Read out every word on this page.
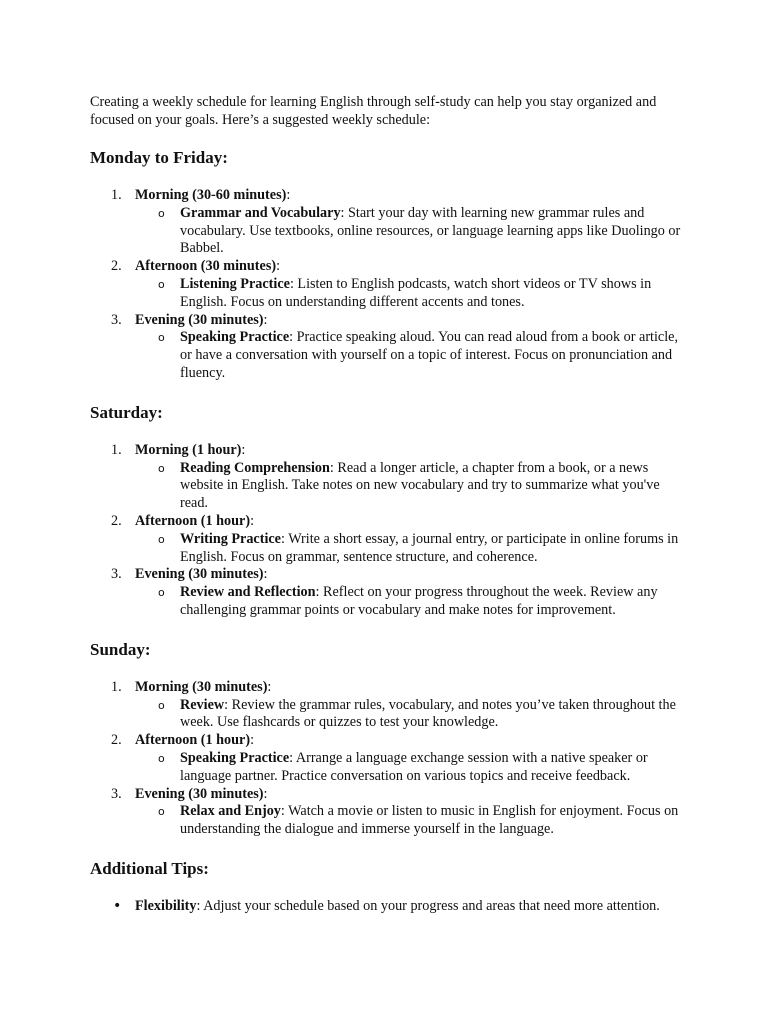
Creating a weekly schedule for learning English through self-study can help you stay organized and focused on your goals. Here’s a suggested weekly schedule:

Monday to Friday:
1. Morning (30-60 minutes):
o Grammar and Vocabulary: Start your day with learning new grammar rules and vocabulary. Use textbooks, online resources, or language learning apps like Duolingo or Babbel.
2. Afternoon (30 minutes):
o Listening Practice: Listen to English podcasts, watch short videos or TV shows in English. Focus on understanding different accents and tones.
3. Evening (30 minutes):
o Speaking Practice: Practice speaking aloud. You can read aloud from a book or article, or have a conversation with yourself on a topic of interest. Focus on pronunciation and fluency.
Saturday:
1. Morning (1 hour):
o Reading Comprehension: Read a longer article, a chapter from a book, or a news website in English. Take notes on new vocabulary and try to summarize what you've read.
2. Afternoon (1 hour):
o Writing Practice: Write a short essay, a journal entry, or participate in online forums in English. Focus on grammar, sentence structure, and coherence.
3. Evening (30 minutes):
o Review and Reflection: Reflect on your progress throughout the week. Review any challenging grammar points or vocabulary and make notes for improvement.
Sunday:
1. Morning (30 minutes):
o Review: Review the grammar rules, vocabulary, and notes you’ve taken throughout the week. Use flashcards or quizzes to test your knowledge.
2. Afternoon (1 hour):
o Speaking Practice: Arrange a language exchange session with a native speaker or language partner. Practice conversation on various topics and receive feedback.
3. Evening (30 minutes):
o Relax and Enjoy: Watch a movie or listen to music in English for enjoyment. Focus on understanding the dialogue and immerse yourself in the language.
Additional Tips:
• Flexibility: Adjust your schedule based on your progress and areas that need more attention.
